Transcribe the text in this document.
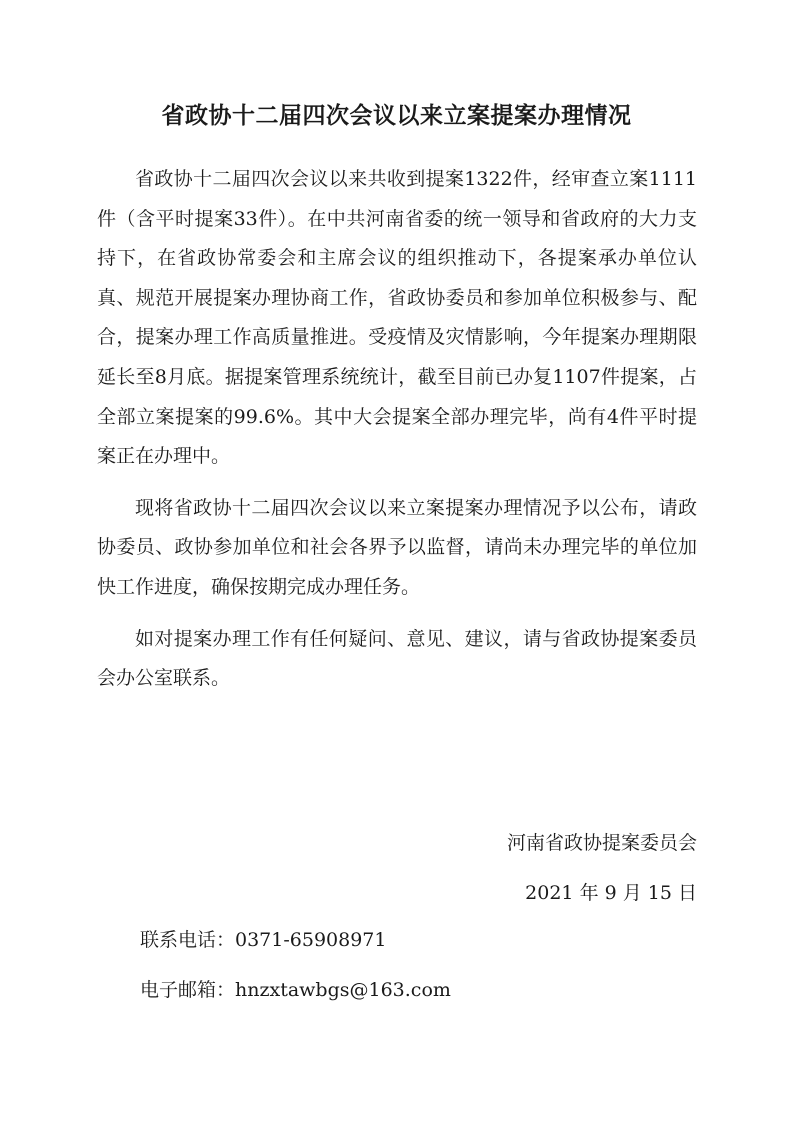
省政协十二届四次会议以来立案提案办理情况

省政协十二届四次会议以来共收到提案1322件，经审查立案1111件（含平时提案33件）。在中共河南省委的统一领导和省政府的大力支持下，在省政协常委会和主席会议的组织推动下，各提案承办单位认真、规范开展提案办理协商工作，省政协委员和参加单位积极参与、配合，提案办理工作高质量推进。受疫情及灾情影响，今年提案办理期限延长至8月底。据提案管理系统统计，截至目前已办复1107件提案，占全部立案提案的99.6%。其中大会提案全部办理完毕，尚有4件平时提案正在办理中。

现将省政协十二届四次会议以来立案提案办理情况予以公布，请政协委员、政协参加单位和社会各界予以监督，请尚未办理完毕的单位加快工作进度，确保按期完成办理任务。

如对提案办理工作有任何疑问、意见、建议，请与省政协提案委员会办公室联系。

河南省政协提案委员会
2021 年 9 月 15 日
联系电话：0371-65908971
电子邮箱：hnzxtawbgs@163.com
